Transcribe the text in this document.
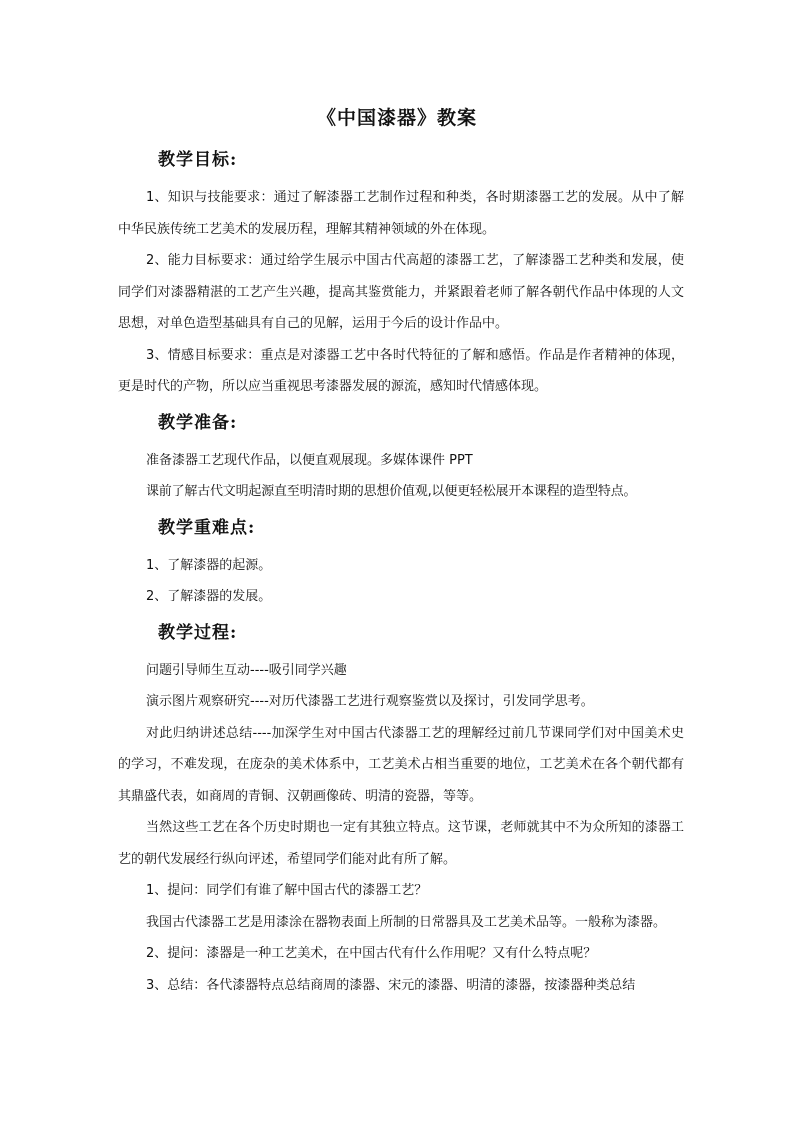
《中国漆器》教案
教学目标:

1、知识与技能要求：通过了解漆器工艺制作过程和种类，各时期漆器工艺的发展。从中了解中华民族传统工艺美术的发展历程，理解其精神领域的外在体现。

2、能力目标要求：通过给学生展示中国古代高超的漆器工艺，了解漆器工艺种类和发展，使同学们对漆器精湛的工艺产生兴趣，提高其鉴赏能力，并紧跟着老师了解各朝代作品中体现的人文思想，对单色造型基础具有自己的见解，运用于今后的设计作品中。

3、情感目标要求：重点是对漆器工艺中各时代特征的了解和感悟。作品是作者精神的体现，更是时代的产物，所以应当重视思考漆器发展的源流，感知时代情感体现。

教学准备:

准备漆器工艺现代作品，以便直观展现。多媒体课件 PPT

课前了解古代文明起源直至明清时期的思想价值观,以便更轻松展开本课程的造型特点。

教学重难点:

1、了解漆器的起源。

2、了解漆器的发展。

教学过程:

问题引导师生互动----吸引同学兴趣

演示图片观察研究----对历代漆器工艺进行观察鉴赏以及探讨，引发同学思考。

对此归纳讲述总结----加深学生对中国古代漆器工艺的理解经过前几节课同学们对中国美术史的学习，不难发现，在庞杂的美术体系中，工艺美术占相当重要的地位，工艺美术在各个朝代都有其鼎盛代表，如商周的青铜、汉朝画像砖、明清的瓷器，等等。

当然这些工艺在各个历史时期也一定有其独立特点。这节课，老师就其中不为众所知的漆器工艺的朝代发展经行纵向评述，希望同学们能对此有所了解。

1、提问：同学们有谁了解中国古代的漆器工艺？

我国古代漆器工艺是用漆涂在器物表面上所制的日常器具及工艺美术品等。一般称为漆器。

2、提问：漆器是一种工艺美术，在中国古代有什么作用呢？又有什么特点呢？

3、总结：各代漆器特点总结商周的漆器、宋元的漆器、明清的漆器，按漆器种类总结
